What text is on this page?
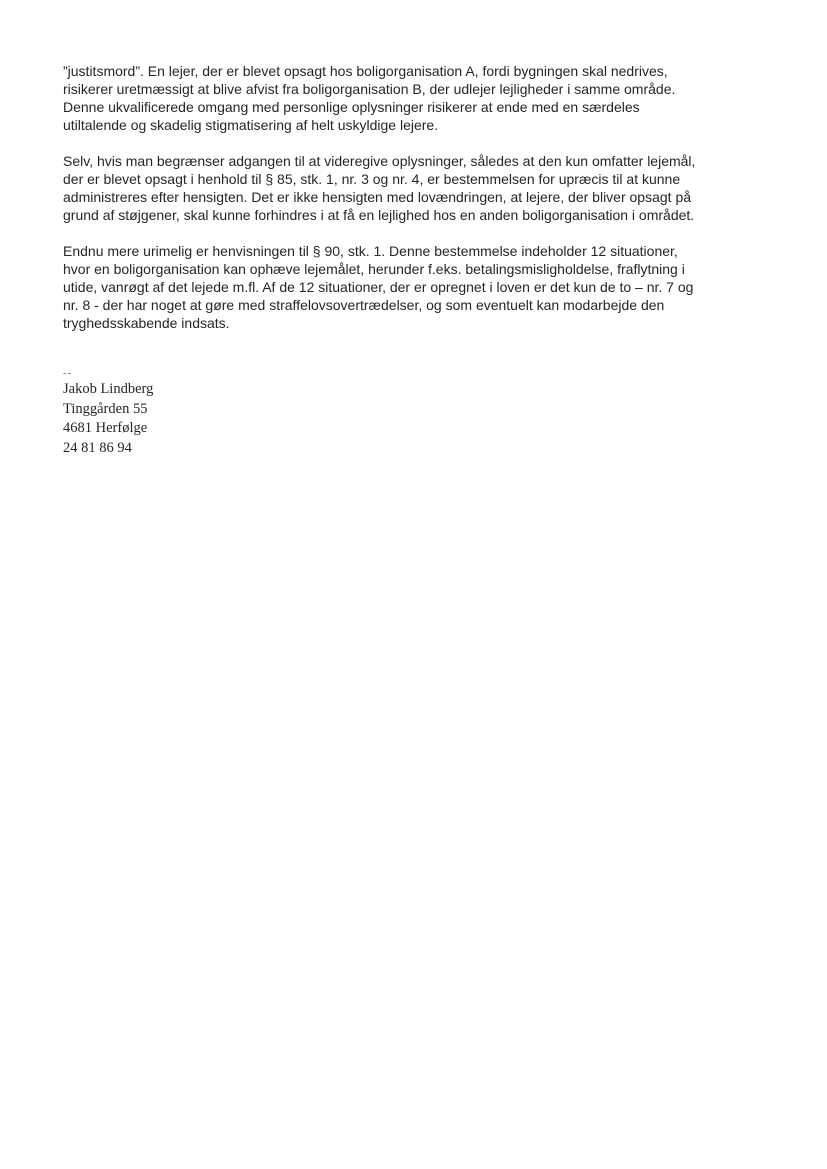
”justitsmord”. En lejer, der er blevet opsagt hos boligorganisation A, fordi bygningen skal nedrives,
risikerer uretmæssigt at blive afvist fra boligorganisation B, der udlejer lejligheder i samme område.
Denne ukvalificerede omgang med personlige oplysninger risikerer at ende med en særdeles
utiltalende og skadelig stigmatisering af helt uskyldige lejere.

Selv, hvis man begrænser adgangen til at videregive oplysninger, således at den kun omfatter lejemål,
der er blevet opsagt i henhold til § 85, stk. 1, nr. 3 og nr. 4, er bestemmelsen for upræcis til at kunne
administreres efter hensigten. Det er ikke hensigten med lovændringen, at lejere, der bliver opsagt på
grund af støjgener, skal kunne forhindres i at få en lejlighed hos en anden boligorganisation i området.

Endnu mere urimelig er henvisningen til § 90, stk. 1. Denne bestemmelse indeholder 12 situationer,
hvor en boligorganisation kan ophæve lejemålet, herunder f.eks. betalingsmisligholdelse, fraflytning i
utide, vanrøgt af det lejede m.fl. Af de 12 situationer, der er opregnet i loven er det kun de to – nr. 7 og
nr. 8 - der har noget at gøre med straffelovsovertrædelser, og som eventuelt kan modarbejde den
tryghedsskabende indsats.

--
Jakob Lindberg
Tinggården 55
4681 Herfølge
24 81 86 94
